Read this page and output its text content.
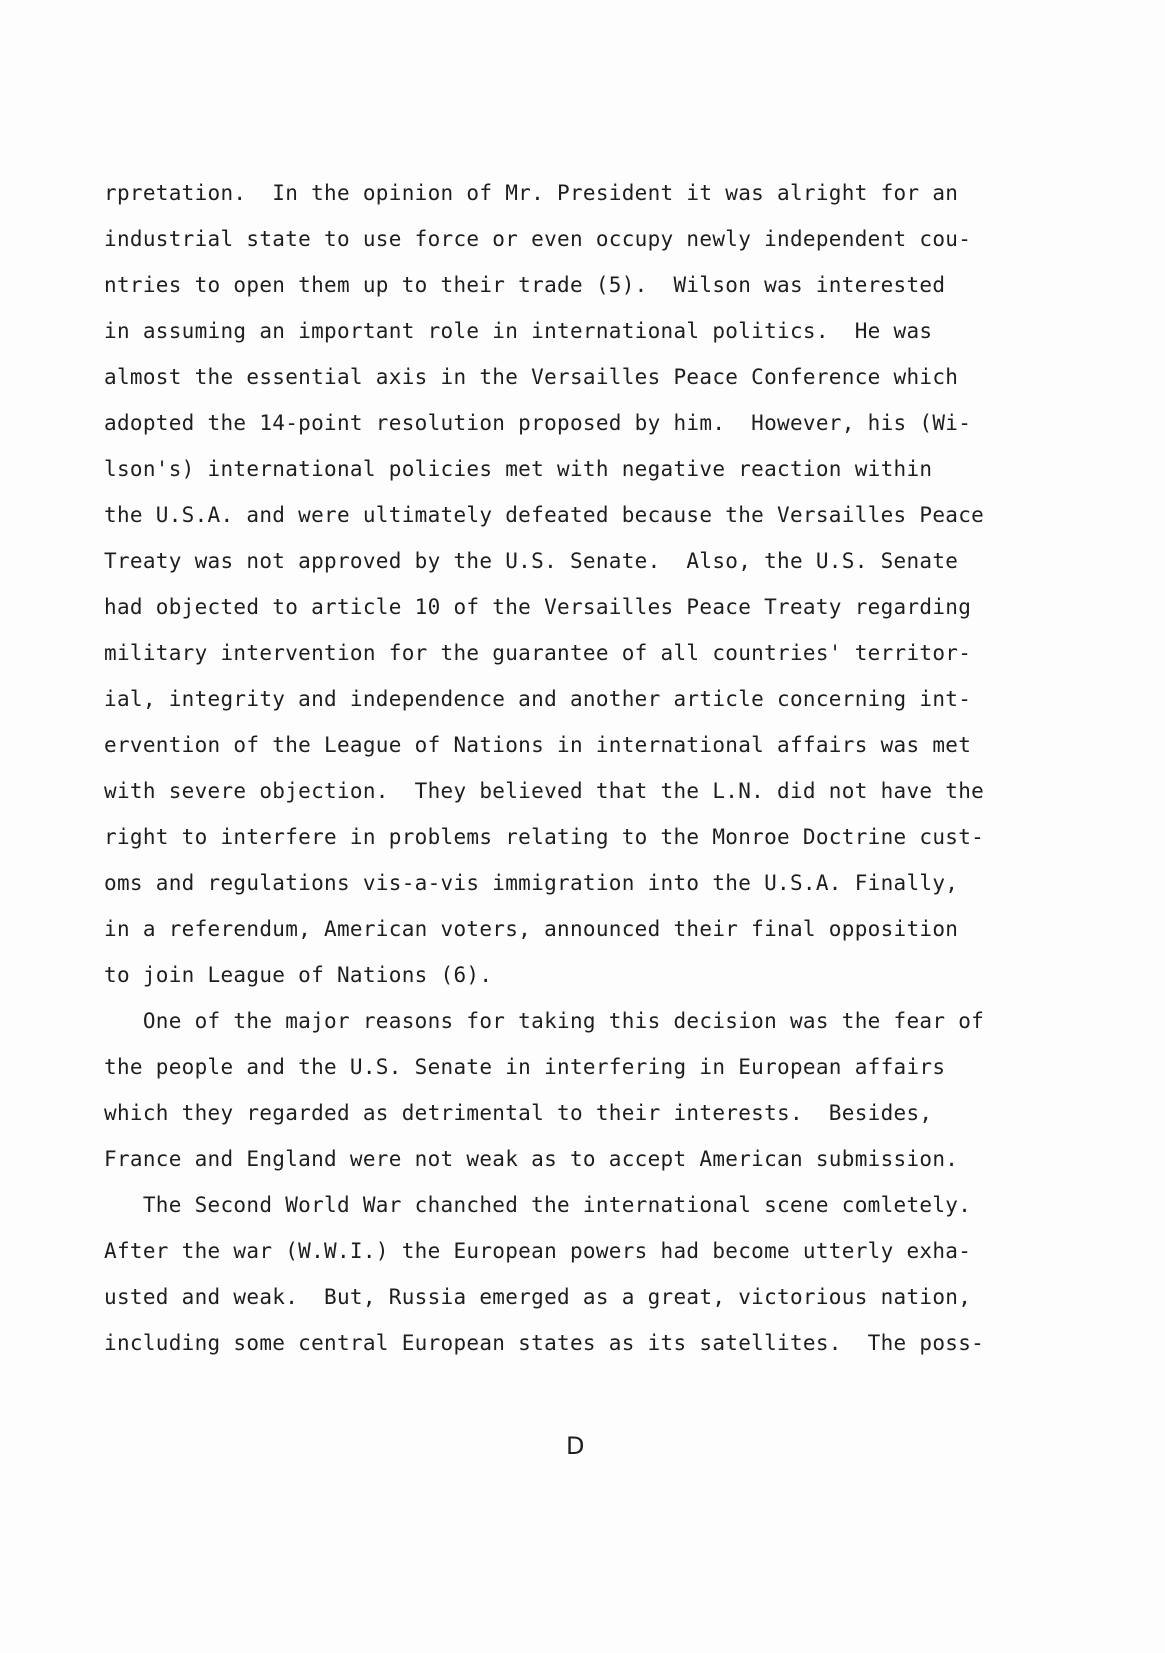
rpretation.  In the opinion of Mr. President it was alright for an
industrial state to use force or even occupy newly independent cou-
ntries to open them up to their trade (5).  Wilson was interested
in assuming an important role in international politics.  He was
almost the essential axis in the Versailles Peace Conference which
adopted the 14-point resolution proposed by him.  However, his (Wi-
lson's) international policies met with negative reaction within
the U.S.A. and were ultimately defeated because the Versailles Peace
Treaty was not approved by the U.S. Senate.  Also, the U.S. Senate
had objected to article 10 of the Versailles Peace Treaty regarding
military intervention for the guarantee of all countries' territor-
ial, integrity and independence and another article concerning int-
ervention of the League of Nations in international affairs was met
with severe objection.  They believed that the L.N. did not have the
right to interfere in problems relating to the Monroe Doctrine cust-
oms and regulations vis-a-vis immigration into the U.S.A. Finally,
in a referendum, American voters, announced their final opposition
to join League of Nations (6).
One of the major reasons for taking this decision was the fear of
the people and the U.S. Senate in interfering in European affairs
which they regarded as detrimental to their interests.  Besides,
France and England were not weak as to accept American submission.
The Second World War chanched the international scene comletely.
After the war (W.W.I.) the European powers had become utterly exha-
usted and weak.  But, Russia emerged as a great, victorious nation,
including some central European states as its satellites.  The poss-
D
